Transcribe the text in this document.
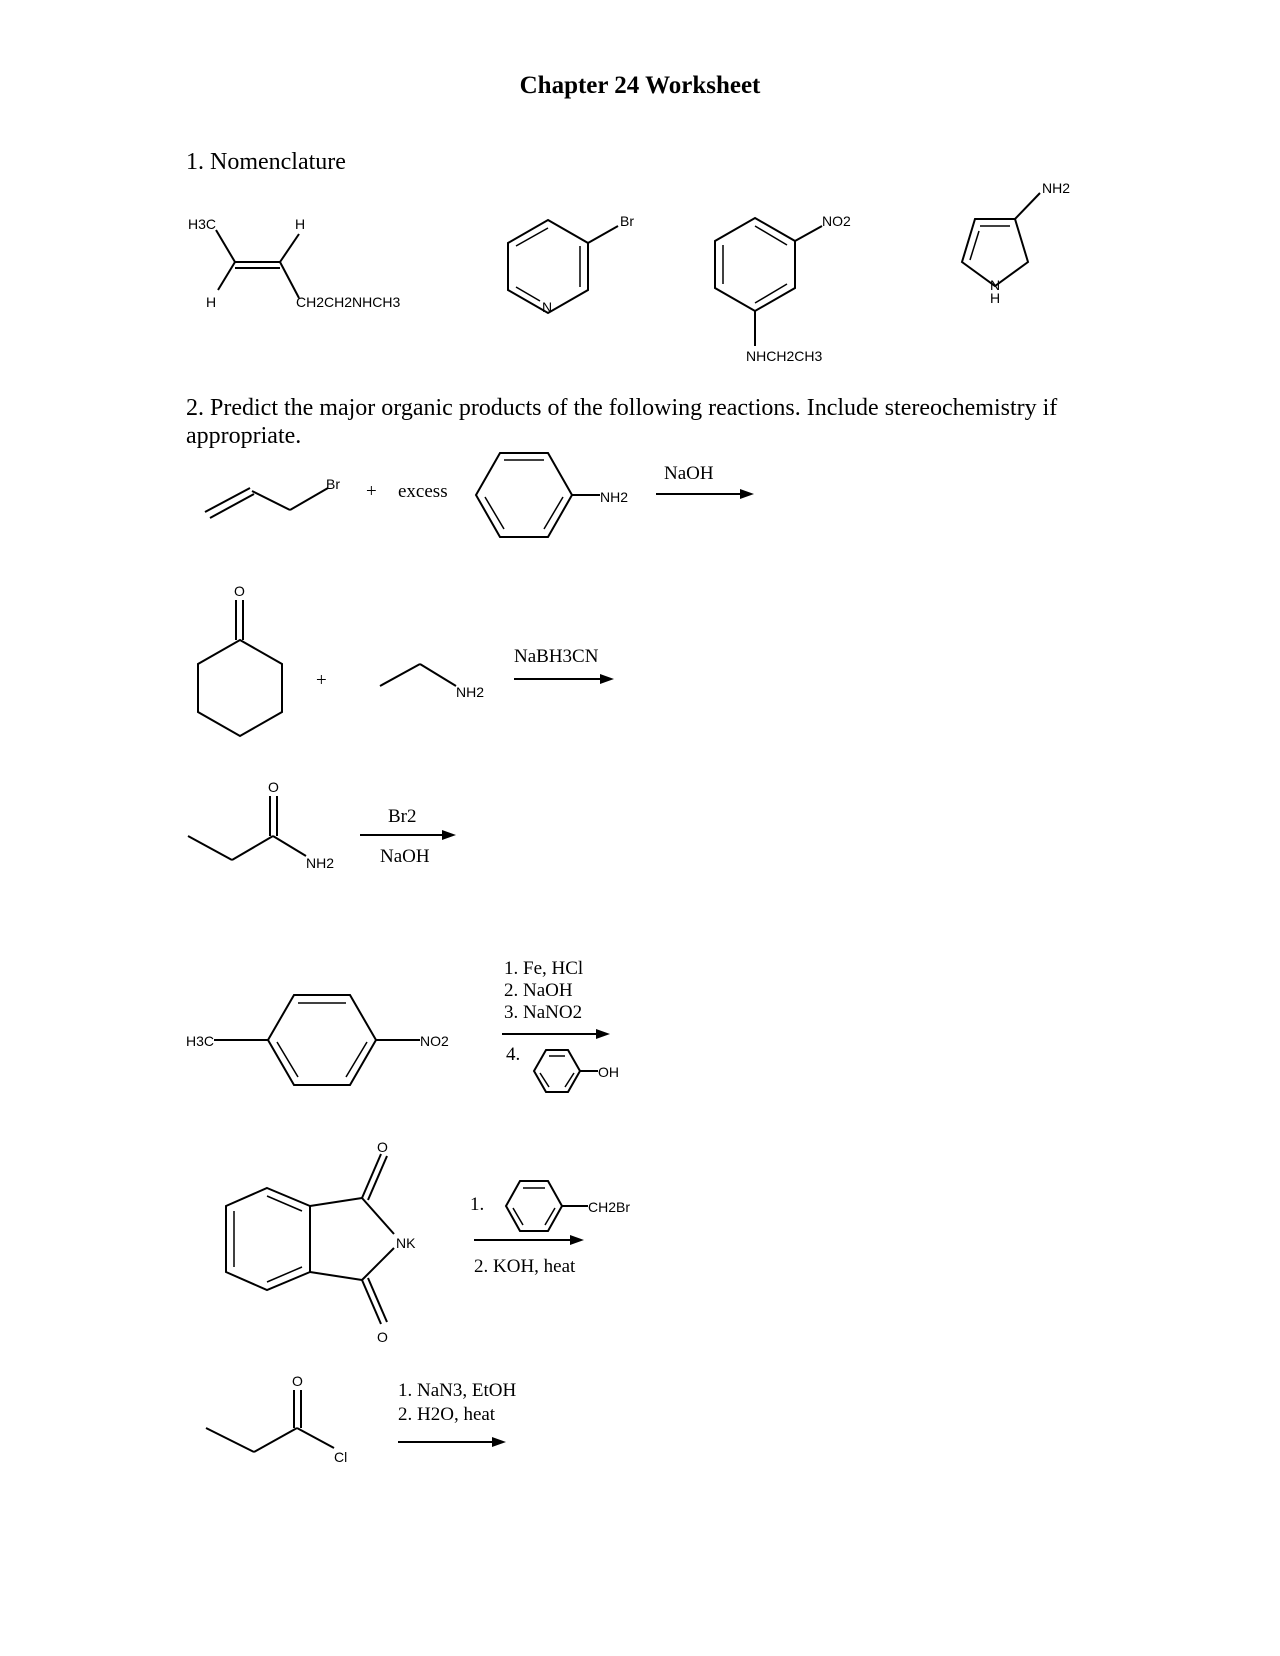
Chapter 24 Worksheet
1. Nomenclature
2. Predict the major organic products of the following reactions. Include stereochemistry if appropriate.
H3C	H
H	CH2CH2NHCH3
Br
N
NO2
NHCH2CH3
NH2
N
H
Br + excess	NH2
NaOH
O
+
NH2
NaBH3CN
O
NH2
Br2
NaOH
H3C	NO2
1. Fe, HCl
2. NaOH
3. NaNO2
4.
OH
O
O
NK
1.	CH2Br
2. KOH, heat
O
Cl
1. NaN3, EtOH
2. H2O, heat
